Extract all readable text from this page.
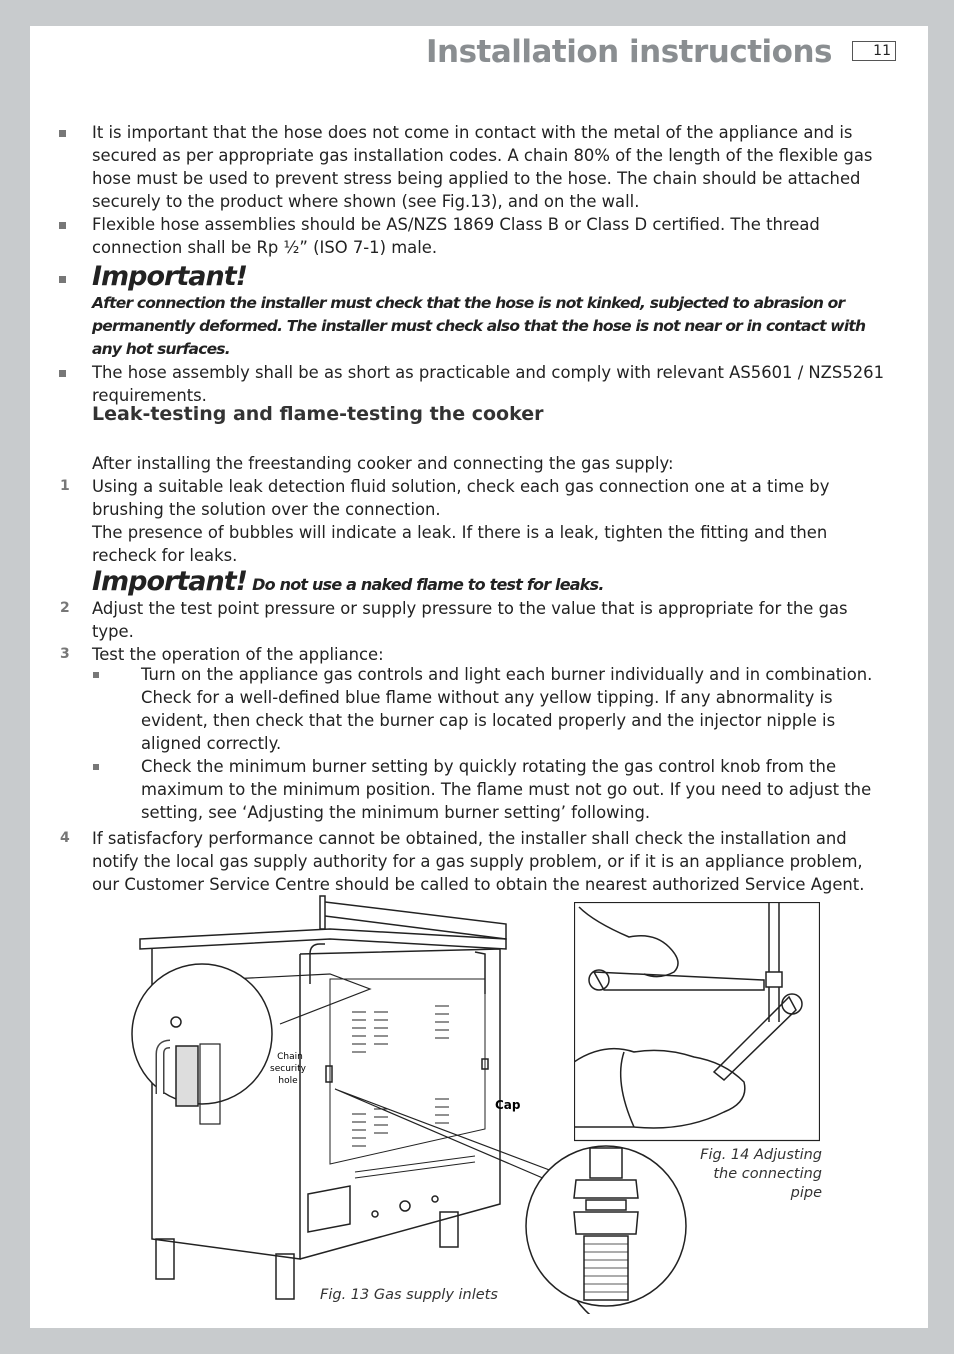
Installation instructions	11
It is important that the hose does not come in contact with the metal of the appliance and is secured as per appropriate gas installation codes. A chain 80% of the length of the flexible gas hose must be used to prevent stress being applied to the hose. The chain should be attached securely to the product where shown (see Fig.13), and on the wall.
Flexible hose assemblies should be AS/NZS 1869 Class B or Class D certified. The thread connection shall be Rp ½” (ISO 7-1) male.
Important!
After connection the installer must check that the hose is not kinked, subjected to abrasion or permanently deformed. The installer must check also that the hose is not near or in contact with any hot surfaces.
The hose assembly shall be as short as practicable and comply with relevant AS5601 / NZS5261 requirements.
Leak-testing and flame-testing the cooker
After installing the freestanding cooker and connecting the gas supply:
1 Using a suitable leak detection fluid solution, check each gas connection one at a time by brushing the solution over the connection.
The presence of bubbles will indicate a leak. If there is a leak, tighten the fitting and then recheck for leaks.
Important! Do not use a naked flame to test for leaks.
2 Adjust the test point pressure or supply pressure to the value that is appropriate for the gas type.
3 Test the operation of the appliance:
Turn on the appliance gas controls and light each burner individually and in combination. Check for a well-defined blue flame without any yellow tipping. If any abnormality is evident, then check that the burner cap is located properly and the injector nipple is aligned correctly.
Check the minimum burner setting by quickly rotating the gas control knob from the maximum to the minimum position. The flame must not go out. If you need to adjust the setting, see ‘Adjusting the minimum burner setting’ following.
4 If satisfacfory performance cannot be obtained, the installer shall check the installation and notify the local gas supply authority for a gas supply problem, or if it is an appliance problem, our Customer Service Centre should be called to obtain the nearest authorized Service Agent.
Chain
security
hole
Cap
Fig. 13 Gas supply inlets
Fig. 14 Adjusting
the connecting
pipe
